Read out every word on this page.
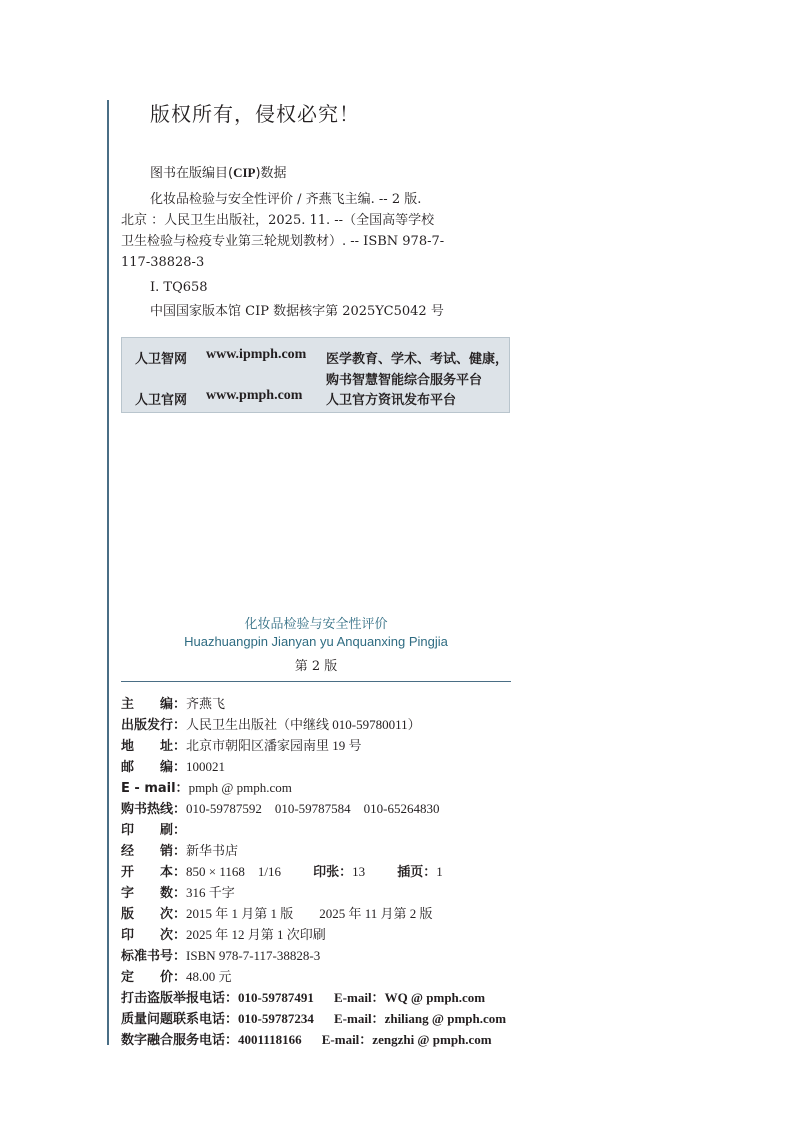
版权所有，侵权必究！
图书在版编目(CIP)数据
化妆品检验与安全性评价 / 齐燕飞主编. -- 2 版.
北京 ：人民卫生出版社，2025. 11. --（全国高等学校
卫生检验与检疫专业第三轮规划教材）. -- ISBN 978-7-
117-38828-3
Ⅰ. TQ658
中国国家版本馆 CIP 数据核字第 2025YC5042 号
人卫智网 www.ipmph.com 医学教育、学术、考试、健康，
购书智慧智能综合服务平台
人卫官网 www.pmph.com 人卫官方资讯发布平台
化妆品检验与安全性评价
Huazhuangpin Jianyan yu Anquanxing Pingjia
第 2 版
主　　编：齐燕飞
出版发行：人民卫生出版社（中继线 010-59780011）
地　　址：北京市朝阳区潘家园南里 19 号
邮　　编：100021
E - mail：pmph @ pmph.com
购书热线：010-59787592　010-59787584　010-65264830
印　　刷：
经　　销：新华书店
开　　本：850 × 1168　1/16 印张：13 插页：1
字　　数：316 千字
版　　次：2015 年 1 月第 1 版　　2025 年 11 月第 2 版
印　　次：2025 年 12 月第 1 次印刷
标准书号：ISBN 978-7-117-38828-3
定　　价：48.00 元
打击盗版举报电话：010-59787491 E-mail：WQ @ pmph.com
质量问题联系电话：010-59787234 E-mail：zhiliang @ pmph.com
数字融合服务电话：4001118166 E-mail：zengzhi @ pmph.com
